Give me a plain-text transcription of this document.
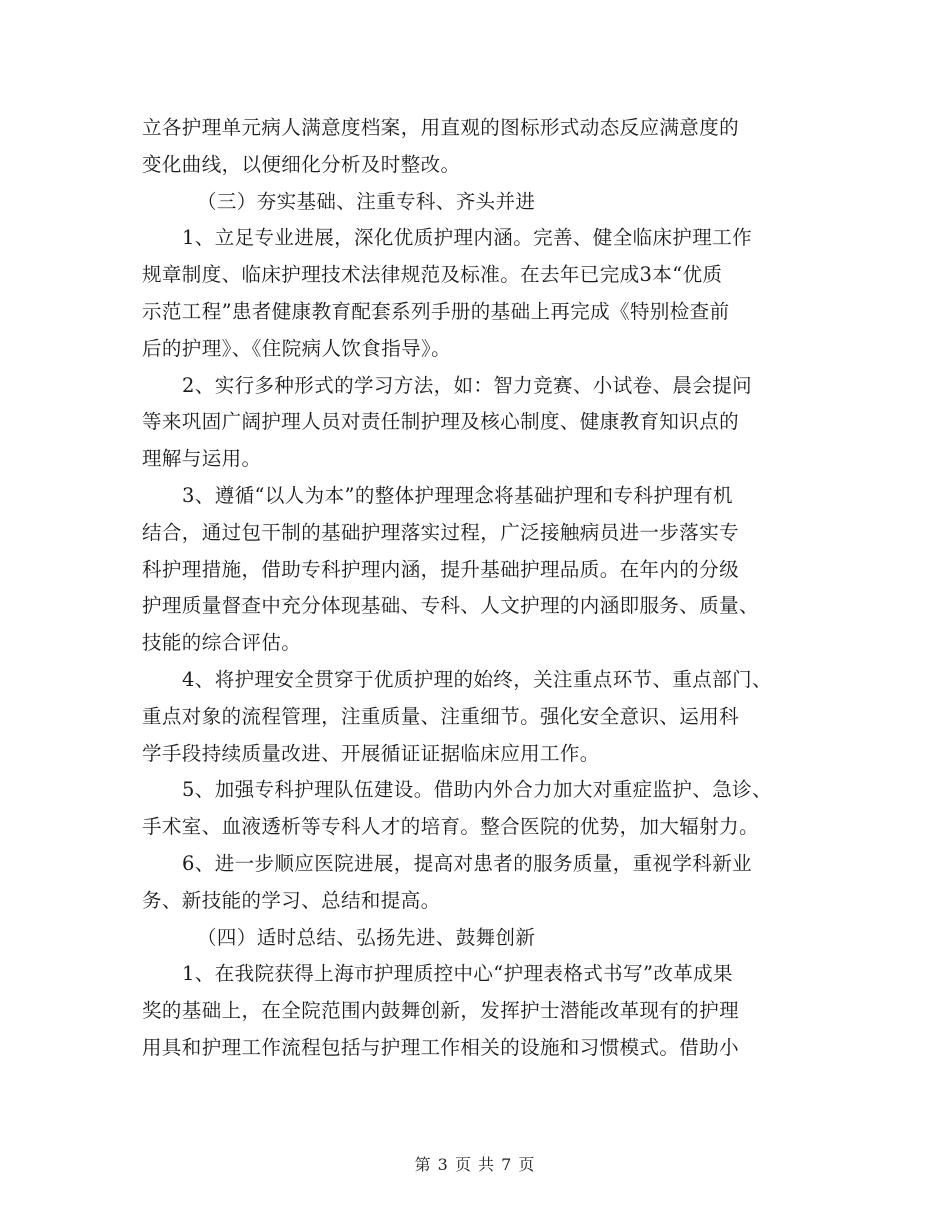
立各护理单元病人满意度档案，用直观的图标形式动态反应满意度的
变化曲线，以便细化分析及时整改。
（三）夯实基础、注重专科、齐头并进
1、立足专业进展，深化优质护理内涵。完善、健全临床护理工作
规章制度、临床护理技术法律规范及标准。在去年已完成3本“优质
示范工程”患者健康教育配套系列手册的基础上再完成《特别检查前
后的护理》、《住院病人饮食指导》。
2、实行多种形式的学习方法，如：智力竞赛、小试卷、晨会提问
等来巩固广阔护理人员对责任制护理及核心制度、健康教育知识点的
理解与运用。
3、遵循“以人为本”的整体护理理念将基础护理和专科护理有机
结合，通过包干制的基础护理落实过程，广泛接触病员进一步落实专
科护理措施，借助专科护理内涵，提升基础护理品质。在年内的分级
护理质量督查中充分体现基础、专科、人文护理的内涵即服务、质量、
技能的综合评估。
4、将护理安全贯穿于优质护理的始终，关注重点环节、重点部门、
重点对象的流程管理，注重质量、注重细节。强化安全意识、运用科
学手段持续质量改进、开展循证证据临床应用工作。
5、加强专科护理队伍建设。借助内外合力加大对重症监护、急诊、
手术室、血液透析等专科人才的培育。整合医院的优势，加大辐射力。
6、进一步顺应医院进展，提高对患者的服务质量，重视学科新业
务、新技能的学习、总结和提高。
（四）适时总结、弘扬先进、鼓舞创新
1、在我院获得上海市护理质控中心“护理表格式书写”改革成果
奖的基础上，在全院范围内鼓舞创新，发挥护士潜能改革现有的护理
用具和护理工作流程包括与护理工作相关的设施和习惯模式。借助小
第 3 页 共 7 页
